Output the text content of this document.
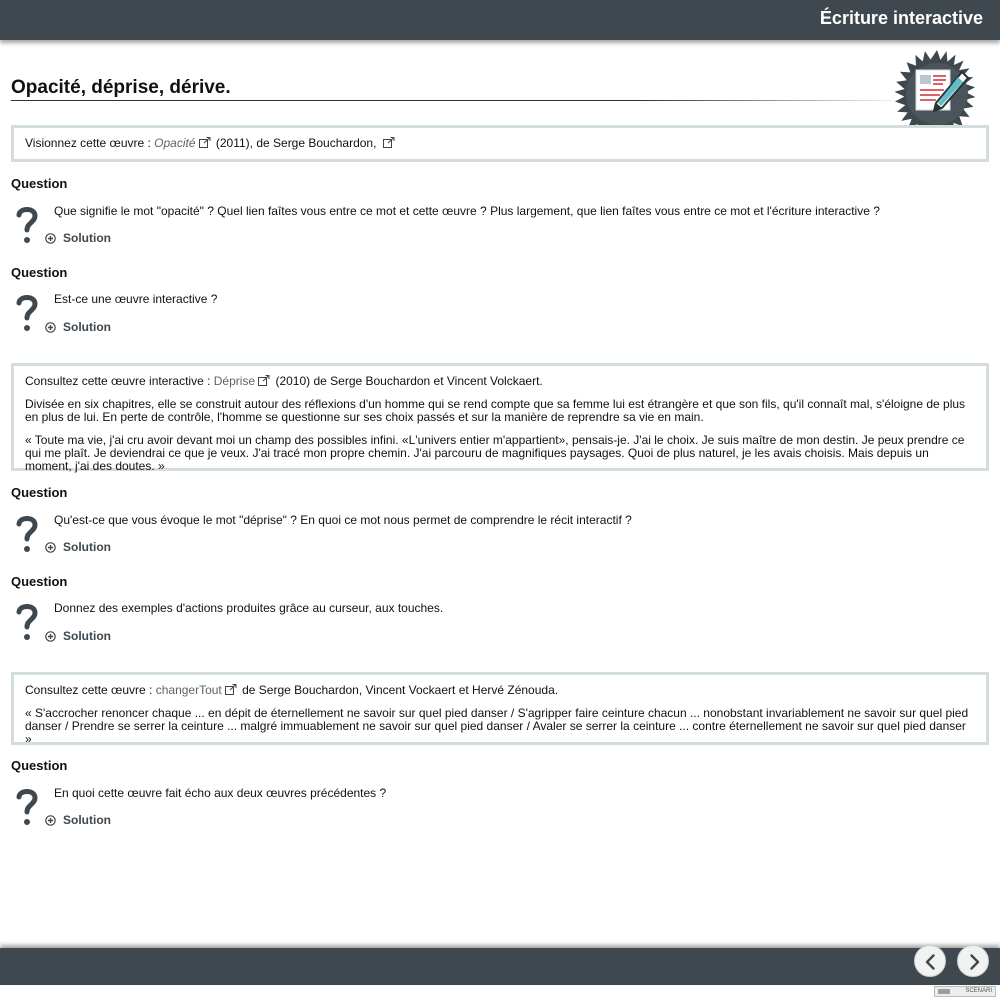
Écriture interactive
Opacité, déprise, dérive.

Visionnez cette œuvre : Opacité (2011), de Serge Bouchardon,

Question
Que signifie le mot "opacité" ? Quel lien faîtes vous entre ce mot et cette œuvre ? Plus largement, que lien faîtes vous entre ce mot et l'écriture interactive ?
Solution
Question
Est-ce une œuvre interactive ?
Solution

Consultez cette œuvre interactive : Déprise (2010) de Serge Bouchardon et Vincent Volckaert.

Divisée en six chapitres, elle se construit autour des réflexions d'un homme qui se rend compte que sa femme lui est étrangère et que son fils, qu'il connaît mal, s'éloigne de plus en plus de lui. En perte de contrôle, l'homme se questionne sur ses choix passés et sur la manière de reprendre sa vie en main.

« Toute ma vie, j'ai cru avoir devant moi un champ des possibles infini. «L'univers entier m'appartient», pensais-je. J'ai le choix. Je suis maître de mon destin. Je peux prendre ce qui me plaît. Je deviendrai ce que je veux. J'ai tracé mon propre chemin. J'ai parcouru de magnifiques paysages. Quoi de plus naturel, je les avais choisis. Mais depuis un moment, j'ai des doutes. »

Question
Qu'est-ce que vous évoque le mot "déprise" ? En quoi ce mot nous permet de comprendre le récit interactif ?
Solution
Question
Donnez des exemples d'actions produites grâce au curseur, aux touches.
Solution

Consultez cette œuvre : changerTout de Serge Bouchardon, Vincent Vockaert et Hervé Zénouda.

« S'accrocher renoncer chaque ... en dépit de éternellement ne savoir sur quel pied danser / S'agripper faire ceinture chacun ... nonobstant invariablement ne savoir sur quel pied danser / Prendre se serrer la ceinture ... malgré immuablement ne savoir sur quel pied danser / Avaler se serrer la ceinture ... contre éternellement ne savoir sur quel pied danser »

Question
En quoi cette œuvre fait écho aux deux œuvres précédentes ?
Solution
SCENARI
